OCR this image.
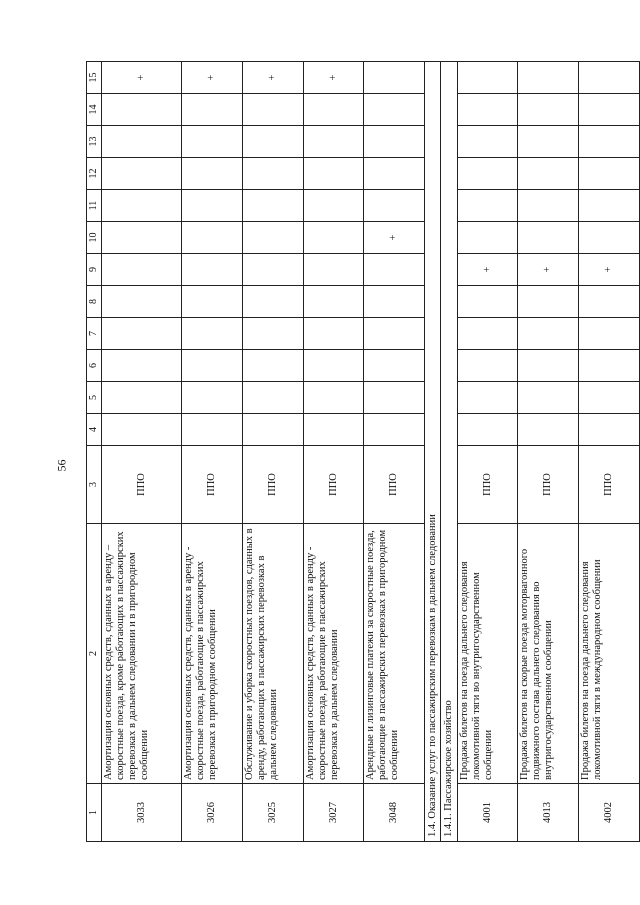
56
1	2	3	4	5	6	7	8	9	10	11	12	13	14	15
3033	Амортизация основных средств, сданных в аренду – скоростные поезда, кроме работающих в пассажирских перевозках в дальнем следовании и в пригородном сообщении	ППО												+
3026	Амортизация основных средств, сданных в аренду - скоростные поезда, работающие в пассажирских перевозках в пригородном сообщении	ППО												+
3025	Обслуживание и уборка скоростных поездов, сданных в аренду, работающих в пассажирских перевозках в дальнем следовании	ППО												+
3027	Амортизация основных средств, сданных в аренду - скоростные поезда, работающие в пассажирских перевозках в дальнем следовании	ППО												+
3048	Арендные и лизинговые платежи за скоростные поезда, работающие в пассажирских перевозках в пригородном сообщении	ППО							+					
1.4. Оказание услуг по пассажирским перевозкам в дальнем следовании														
1.4.1. Пассажирское хозяйство														
4001	Продажа билетов на поезда дальнего следования локомотивной тяги во внутригосударственном сообщении	ППО						+						
4013	Продажа билетов на скорые поезда моторвагонного подвижного состава дальнего следования во внутригосударственном сообщении	ППО						+						
4002	Продажа билетов на поезда дальнего следования локомотивной тяги в международном сообщении	ППО						+						
